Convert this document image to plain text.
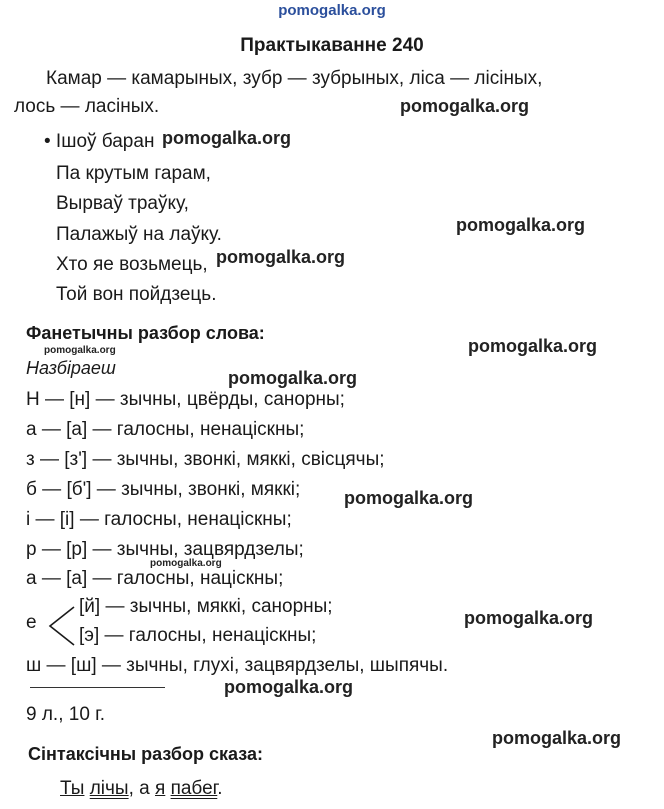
pomogalka.org
Практыкаванне 240
Камар — камарыных, зубр — зубрыных, ліса — лісіных,
лось — ласіных.	pomogalka.org
• Ішоў баран pomogalka.org
Па крутым гарам,
Вырваў траўку,
pomogalka.org
Палажыў на лаўку.
Хто яе возьмець, pomogalka.org
Той вон пойдзець.
Фанетычны разбор слова:
pomogalka.org	pomogalka.org
Назбіраеш	pomogalka.org
Н — [н] — зычны, цвёрды, санорны;
а — [а] — галосны, ненаціскны;
з — [з'] — зычны, звонкі, мяккі, свісцячы;
б — [б'] — зычны, звонкі, мяккі; pomogalka.org
і — [і] — галосны, ненаціскны;
р — [р] — зычны, зацвярдзелы;
pomogalka.org
а — [а] — галосны, націскны;
е
[й] — зычны, мяккі, санорны;
[э] — галосны, ненаціскны;
pomogalka.org
ш — [ш] — зычны, глухі, зацвярдзелы, шыпячы.
pomogalka.org
9 л., 10 г.
pomogalka.org
Сінтаксічны разбор сказа:
Ты лічы, а я пабег.
